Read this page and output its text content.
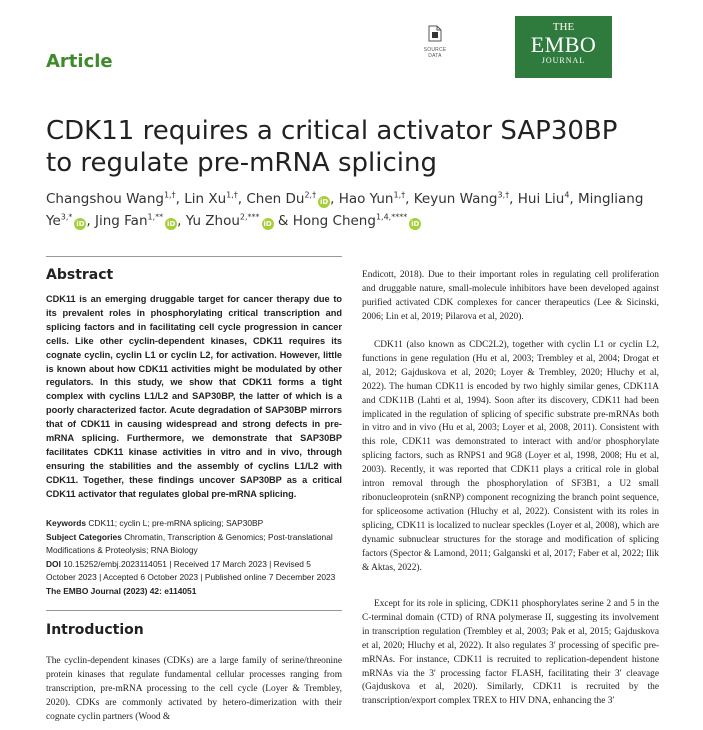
Article
SOURCE
DATA
THE
EMBO
JOURNAL
CDK11 requires a critical activator SAP30BP to regulate pre-mRNA splicing
Changshou Wang$^{1,\dagger}$, Lin $Xu^{1,\dagger}$, Chen $Du^{2,\dagger}iD$ , Hao Yun$^{1,\dagger}$, Keyun Wang$^{3,\dagger}$, Hui Liu$^4$, Mingliang $Ye^{3,*}iD$ , Jing Fan$^{1,**}$iD , Yu Zhou$^{2,***}$iD & Hong Cheng$^{1,4,****}$iD
Abstract
CDK11 is an emerging druggable target for cancer therapy due to its prevalent roles in phosphorylating critical transcription and splicing factors and in facilitating cell cycle progression in cancer cells. Like other cyclin-dependent kinases, CDK11 requires its cognate cyclin, cyclin L1 or cyclin L2, for activation. However, little is known about how CDK11 activities might be modulated by other regulators. In this study, we show that CDK11 forms a tight complex with cyclins L1/L2 and SAP30BP, the latter of which is a poorly characterized factor. Acute degradation of SAP30BP mirrors that of CDK11 in causing widespread and strong defects in pre-mRNA splicing. Furthermore, we demonstrate that SAP30BP facilitates CDK11 kinase activities in vitro and in vivo, through ensuring the stabilities and the assembly of cyclins L1/L2 with CDK11. Together, these findings uncover SAP30BP as a critical CDK11 activator that regulates global pre-mRNA splicing.
Keywords CDK11; cyclin L; pre-mRNA splicing; SAP30BP
Subject Categories Chromatin, Transcription & Genomics; Post-translational Modifications & Proteolysis; RNA Biology
DOI 10.15252/embj.2023114051 | Received 17 March 2023 | Revised 5 October 2023 | Accepted 6 October 2023 | Published online 7 December 2023
The EMBO Journal (2023) 42: e114051
Introduction
The cyclin-dependent kinases (CDKs) are a large family of serine/threonine protein kinases that regulate fundamental cellular processes ranging from transcription, pre-mRNA processing to the cell cycle (Loyer & Trembley, 2020). CDKs are commonly activated by hetero-dimerization with their cognate cyclin partners (Wood &
Endicott, 2018). Due to their important roles in regulating cell proliferation and druggable nature, small-molecule inhibitors have been developed against purified activated CDK complexes for cancer therapeutics (Lee & Sicinski, 2006; Lin et al, 2019; Pilarova et al, 2020).
CDK11 (also known as CDC2L2), together with cyclin L1 or cyclin L2, functions in gene regulation (Hu et al, 2003; Trembley et al, 2004; Drogat et al, 2012; Gajduskova et al, 2020; Loyer & Trembley, 2020; Hluchy et al, 2022). The human CDK11 is encoded by two highly similar genes, CDK11A and CDK11B (Lahti et al, 1994). Soon after its discovery, CDK11 had been implicated in the regulation of splicing of specific substrate pre-mRNAs both in vitro and in vivo (Hu et al, 2003; Loyer et al, 2008, 2011). Consistent with this role, CDK11 was demonstrated to interact with and/or phosphorylate splicing factors, such as RNPS1 and 9G8 (Loyer et al, 1998, 2008; Hu et al, 2003). Recently, it was reported that CDK11 plays a critical role in global intron removal through the phosphorylation of SF3B1, a U2 small ribonucleoprotein (snRNP) component recognizing the branch point sequence, for spliceosome activation (Hluchy et al, 2022). Consistent with its roles in splicing, CDK11 is localized to nuclear speckles (Loyer et al, 2008), which are dynamic subnuclear structures for the storage and modification of splicing factors (Spector & Lamond, 2011; Galganski et al, 2017; Faber et al, 2022; Ilik & Aktas, 2022).
Except for its role in splicing, CDK11 phosphorylates serine 2 and 5 in the C-terminal domain (CTD) of RNA polymerase II, suggesting its involvement in transcription regulation (Trembley et al, 2003; Pak et al, 2015; Gajduskova et al, 2020; Hluchy et al, 2022). It also regulates 3′ processing of specific pre-mRNAs. For instance, CDK11 is recruited to replication-dependent histone mRNAs via the 3′ processing factor FLASH, facilitating their 3′ cleavage (Gajduskova et al, 2020). Similarly, CDK11 is recruited by the transcription/export complex TREX to HIV DNA, enhancing the 3′
